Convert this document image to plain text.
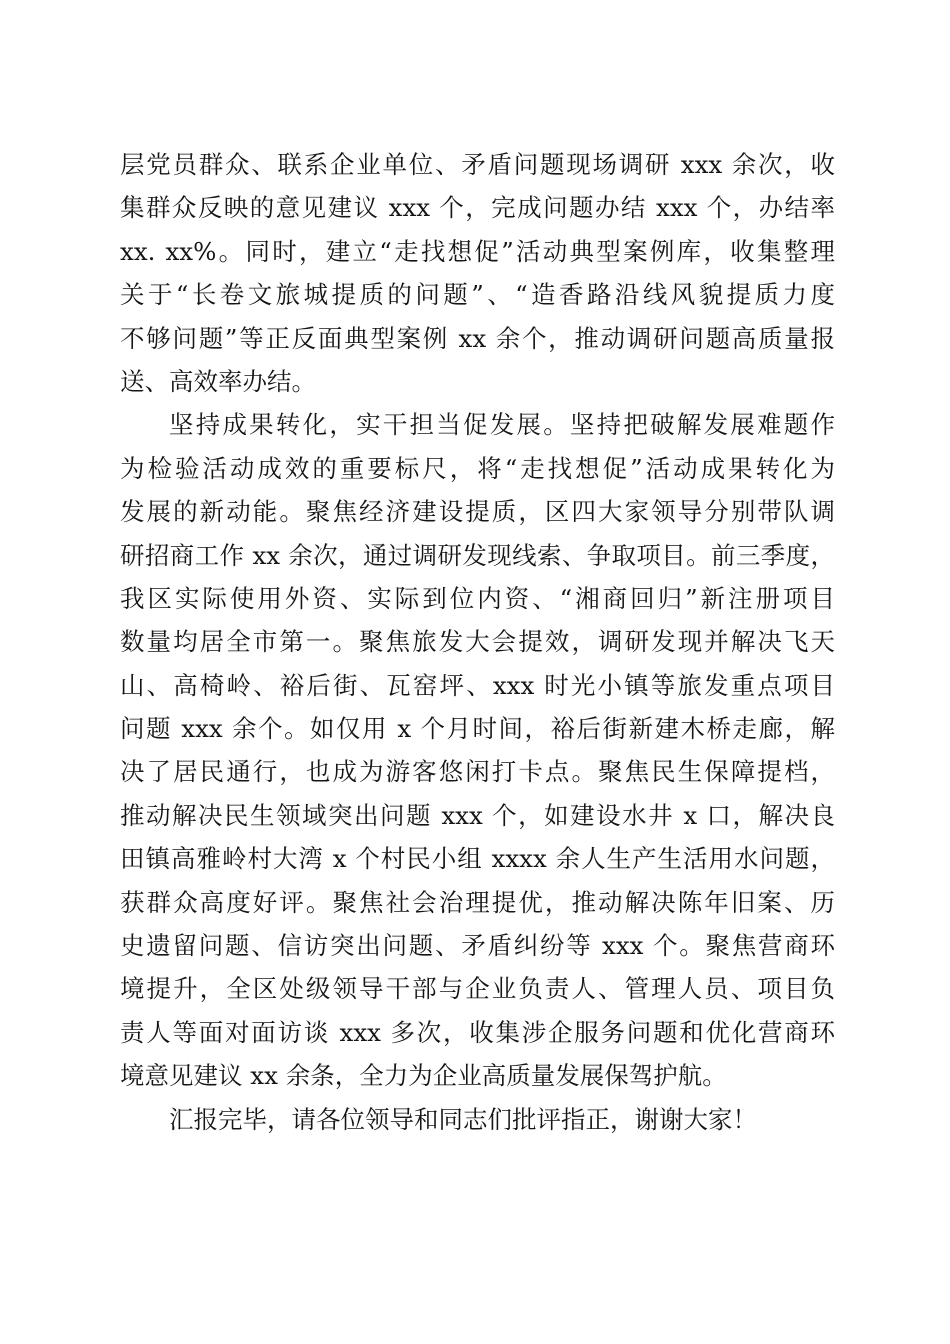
层党员群众、联系企业单位、矛盾问题现场调研 xxx 余次，收
集群众反映的意见建议 xxx 个，完成问题办结 xxx 个，办结率
xx. xx%。同时，建立“走找想促”活动典型案例库，收集整理
关于“长卷文旅城提质的问题”、“造香路沿线风貌提质力度
不够问题”等正反面典型案例 xx 余个，推动调研问题高质量报
送、高效率办结。
坚持成果转化，实干担当促发展。坚持把破解发展难题作
为检验活动成效的重要标尺，将“走找想促”活动成果转化为
发展的新动能。聚焦经济建设提质，区四大家领导分别带队调
研招商工作 xx 余次，通过调研发现线索、争取项目。前三季度，
我区实际使用外资、实际到位内资、“湘商回归”新注册项目
数量均居全市第一。聚焦旅发大会提效，调研发现并解决飞天
山、高椅岭、裕后街、瓦窑坪、xxx 时光小镇等旅发重点项目
问题 xxx 余个。如仅用 x 个月时间，裕后街新建木桥走廊，解
决了居民通行，也成为游客悠闲打卡点。聚焦民生保障提档，
推动解决民生领域突出问题 xxx 个，如建设水井 x 口，解决良
田镇高雅岭村大湾 x 个村民小组 xxxx 余人生产生活用水问题，
获群众高度好评。聚焦社会治理提优，推动解决陈年旧案、历
史遗留问题、信访突出问题、矛盾纠纷等 xxx 个。聚焦营商环
境提升，全区处级领导干部与企业负责人、管理人员、项目负
责人等面对面访谈 xxx 多次，收集涉企服务问题和优化营商环
境意见建议 xx 余条，全力为企业高质量发展保驾护航。
汇报完毕，请各位领导和同志们批评指正，谢谢大家！
